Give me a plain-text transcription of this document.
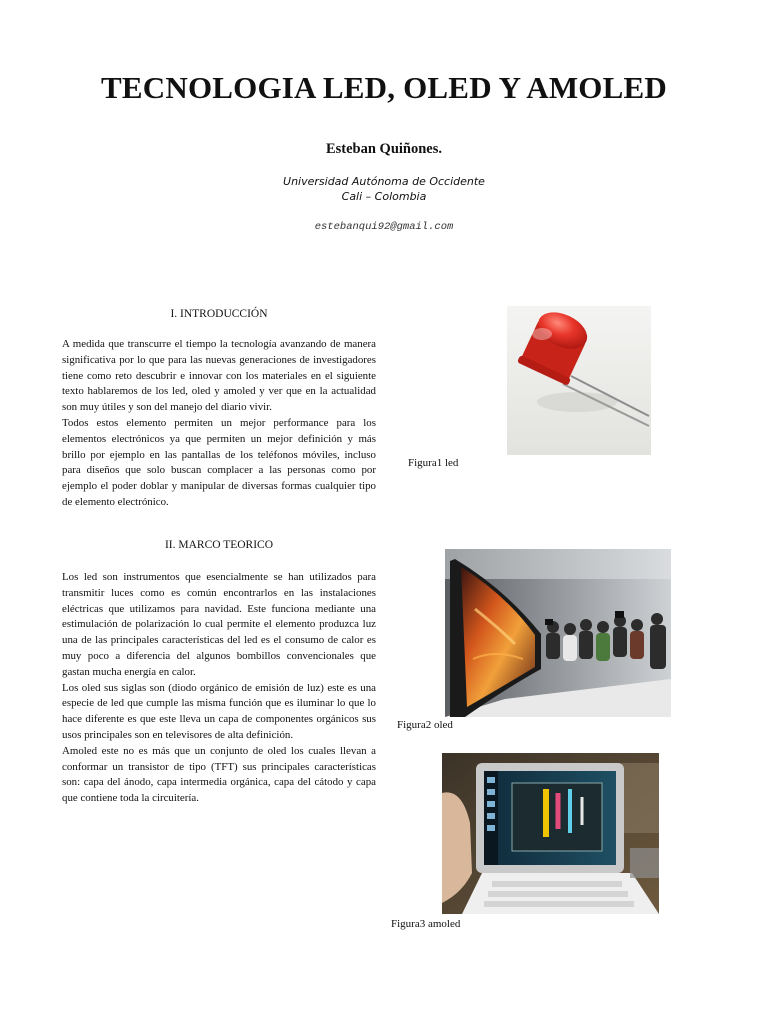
TECNOLOGIA LED, OLED Y AMOLED
Esteban Quiñones.
Universidad Autónoma de Occidente
Cali – Colombia
estebanqui92@gmail.com
I. INTRODUCCIÓN

A medida que transcurre el tiempo la tecnología avanzando de manera significativa por lo que para las nuevas generaciones de investigadores tiene como reto descubrir e innovar con los materiales en el siguiente texto hablaremos de los led, oled y amoled y ver que en la actualidad son muy útiles y son del manejo del diario vivir.

Todos estos elemento permiten un mejor performance para los elementos electrónicos ya que permiten un mejor definición y más brillo por ejemplo en las pantallas de los teléfonos móviles, incluso para diseños que solo buscan complacer a las personas como por ejemplo el poder doblar y manipular de diversas formas cualquier tipo de elemento electrónico.

II. MARCO TEORICO

Los led son instrumentos que esencialmente se han utilizados para transmitir luces como es común encontrarlos en las instalaciones eléctricas que utilizamos para navidad. Este funciona mediante una estimulación de polarización lo cual permite el elemento produzca luz una de las principales características del led es el consumo de calor es muy poco a diferencia del algunos bombillos convencionales que gastan mucha energía en calor.

Los oled sus siglas son (diodo orgánico de emisión de luz) este es una especie de led que cumple las misma función que es iluminar lo que lo hace diferente es que este lleva un capa de componentes orgánicos sus usos principales son en televisores de alta definición.

Amoled este no es más que un conjunto de oled los cuales llevan a conformar un transistor de tipo (TFT) sus principales características son: capa del ánodo, capa intermedia orgánica, capa del cátodo y capa que contiene toda la circuitería.

Figura1 led
Figura2 oled
Figura3 amoled
